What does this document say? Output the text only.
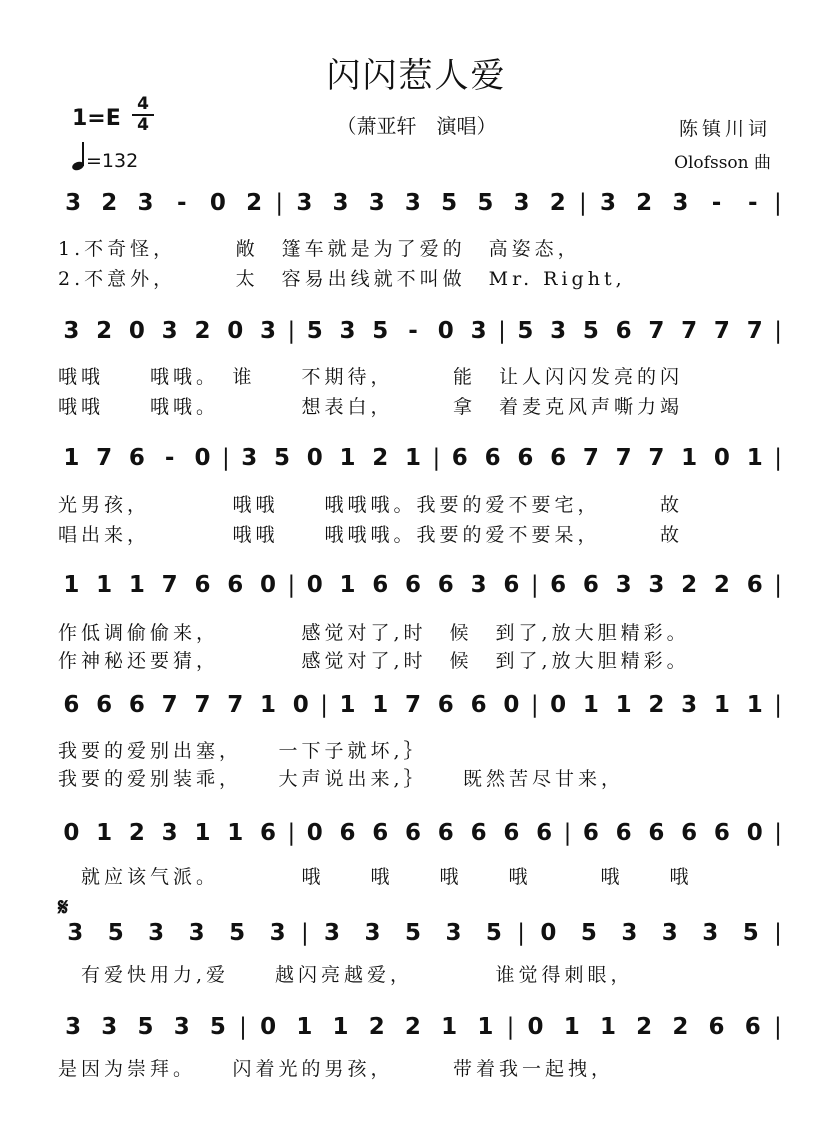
闪闪惹人爱
1=E
4
4	（萧亚轩　演唱）	陈镇川词
Olofsson 曲
=132
𝄋
3 2 3	-	0 2 | 3 3 3 3 5 5 3 2 | 3 2 3	-	- |
1.不奇怪，　　　敞　篷车就是为了爱的　高姿态，
2.不意外，　　　太　容易出线就不叫做　Mr. Right,
3 2 0 3 2 0 3 | 5 3 5 - 0 3 | 5 3 5 6 7 7 7 7 |
哦哦　　哦哦。　谁　　不期待，　　　能　让人闪闪发亮的闪
哦哦　　哦哦。　　　　想表白，　　　拿　着麦克风声嘶力竭
1 7 6 - 0 | 3 5 0 1 2 1 | 6 6 6 6 7 7 7 1 0 1 |
光男孩，　　　　哦哦　　哦哦哦。我要的爱不要宅，　　　故
唱出来，　　　　哦哦　　哦哦哦。我要的爱不要呆，　　　故
1 1 1 7 6 6 0 | 0 1 6 6 6 3 6 | 6 6 3 3 2 2 6 |
作低调偷偷来，　　　　感觉对了,时　候　到了,放大胆精彩。
作神秘还要猜，　　　　感觉对了,时　候　到了,放大胆精彩。
6 6 6 7 7 7 1 0 | 1 1 7 6 6 0 | 0 1 1 2 3 1 1 |
我要的爱别出塞，　　一下子就坏,｝
我要的爱别装乖，　　大声说出来,｝　　既然苦尽甘来，
0 1 2 3 1 1 6 | 0 6 6 6 6 6 6 6 | 6 6 6 6 6 0 |
　就应该气派。　　　　哦　　哦　　哦　　哦　　　哦　　哦
3	5	3	3	5	3 | 3	3	5	3	5 | 0	5	3	3	3	5 |
　有爱快用力,爱　　越闪亮越爱，　　　　谁觉得刺眼，
3 3 5 3 5 | 0 1 1 2 2 1 1 | 0 1 1 2 2 6 6 |
是因为崇拜。　　闪着光的男孩，　　　带着我一起拽，
